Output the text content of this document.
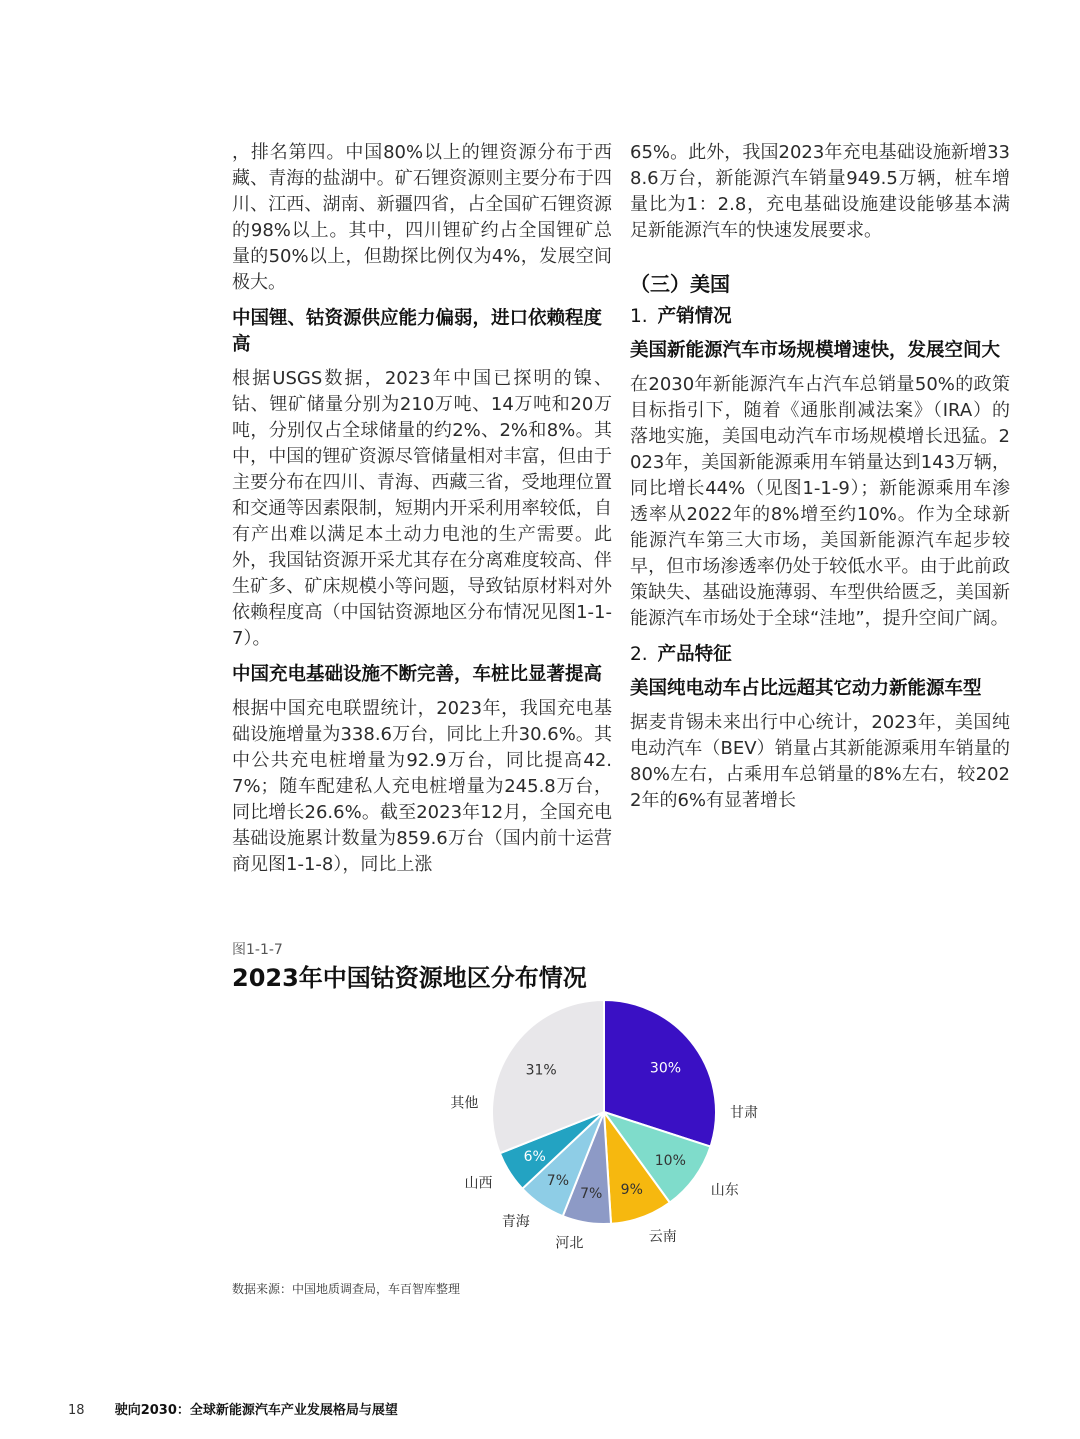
，排名第四。中国80%以上的锂资源分布于西藏、青海的盐湖中。矿石锂资源则主要分布于四川、江西、湖南、新疆四省，占全国矿石锂资源的98%以上。其中，四川锂矿约占全国锂矿总量的50%以上，但勘探比例仅为4%，发展空间极大。

中国锂、钴资源供应能力偏弱，进口依赖程度高

根据USGS数据，2023年中国已探明的镍、钴、锂矿储量分别为210万吨、14万吨和20万吨，分别仅占全球储量的约2%、2%和8%。其中，中国的锂矿资源尽管储量相对丰富，但由于主要分布在四川、青海、西藏三省，受地理位置和交通等因素限制，短期内开采利用率较低，自有产出难以满足本土动力电池的生产需要。此外，我国钴资源开采尤其存在分离难度较高、伴生矿多、矿床规模小等问题，导致钴原材料对外依赖程度高（中国钴资源地区分布情况见图1-1-7）。

中国充电基础设施不断完善，车桩比显著提高

根据中国充电联盟统计，2023年，我国充电基础设施增量为338.6万台，同比上升30.6%。其中公共充电桩增量为92.9万台，同比提高42.7%；随车配建私人充电桩增量为245.8万台，同比增长26.6%。截至2023年12月，全国充电基础设施累计数量为859.6万台（国内前十运营商见图1-1-8），同比上涨

65%。此外，我国2023年充电基础设施新增338.6万台，新能源汽车销量949.5万辆，桩车增量比为1：2.8，充电基础设施建设能够基本满足新能源汽车的快速发展要求。

（三）美国

1. 产销情况

美国新能源汽车市场规模增速快，发展空间大

在2030年新能源汽车占汽车总销量50%的政策目标指引下，随着《通胀削减法案》（IRA）的落地实施，美国电动汽车市场规模增长迅猛。2023年，美国新能源乘用车销量达到143万辆，同比增长44%（见图1-1-9）；新能源乘用车渗透率从2022年的8%增至约10%。作为全球新能源汽车第三大市场，美国新能源汽车起步较早，但市场渗透率仍处于较低水平。由于此前政策缺失、基础设施薄弱、车型供给匮乏，美国新能源汽车市场处于全球“洼地”，提升空间广阔。

2. 产品特征

美国纯电动车占比远超其它动力新能源车型

据麦肯锡未来出行中心统计，2023年，美国纯电动汽车（BEV）销量占其新能源乘用车销量的80%左右，占乘用车总销量的8%左右，较2022年的6%有显著增长

图1-1-7

2023年中国钴资源地区分布情况

30%
甘肃
10%
山东
9%
云南
7%
河北
7%
青海
6%
山西
31%
其他
数据来源：中国地质调查局，车百智库整理
18 驶向2030：全球新能源汽车产业发展格局与展望
